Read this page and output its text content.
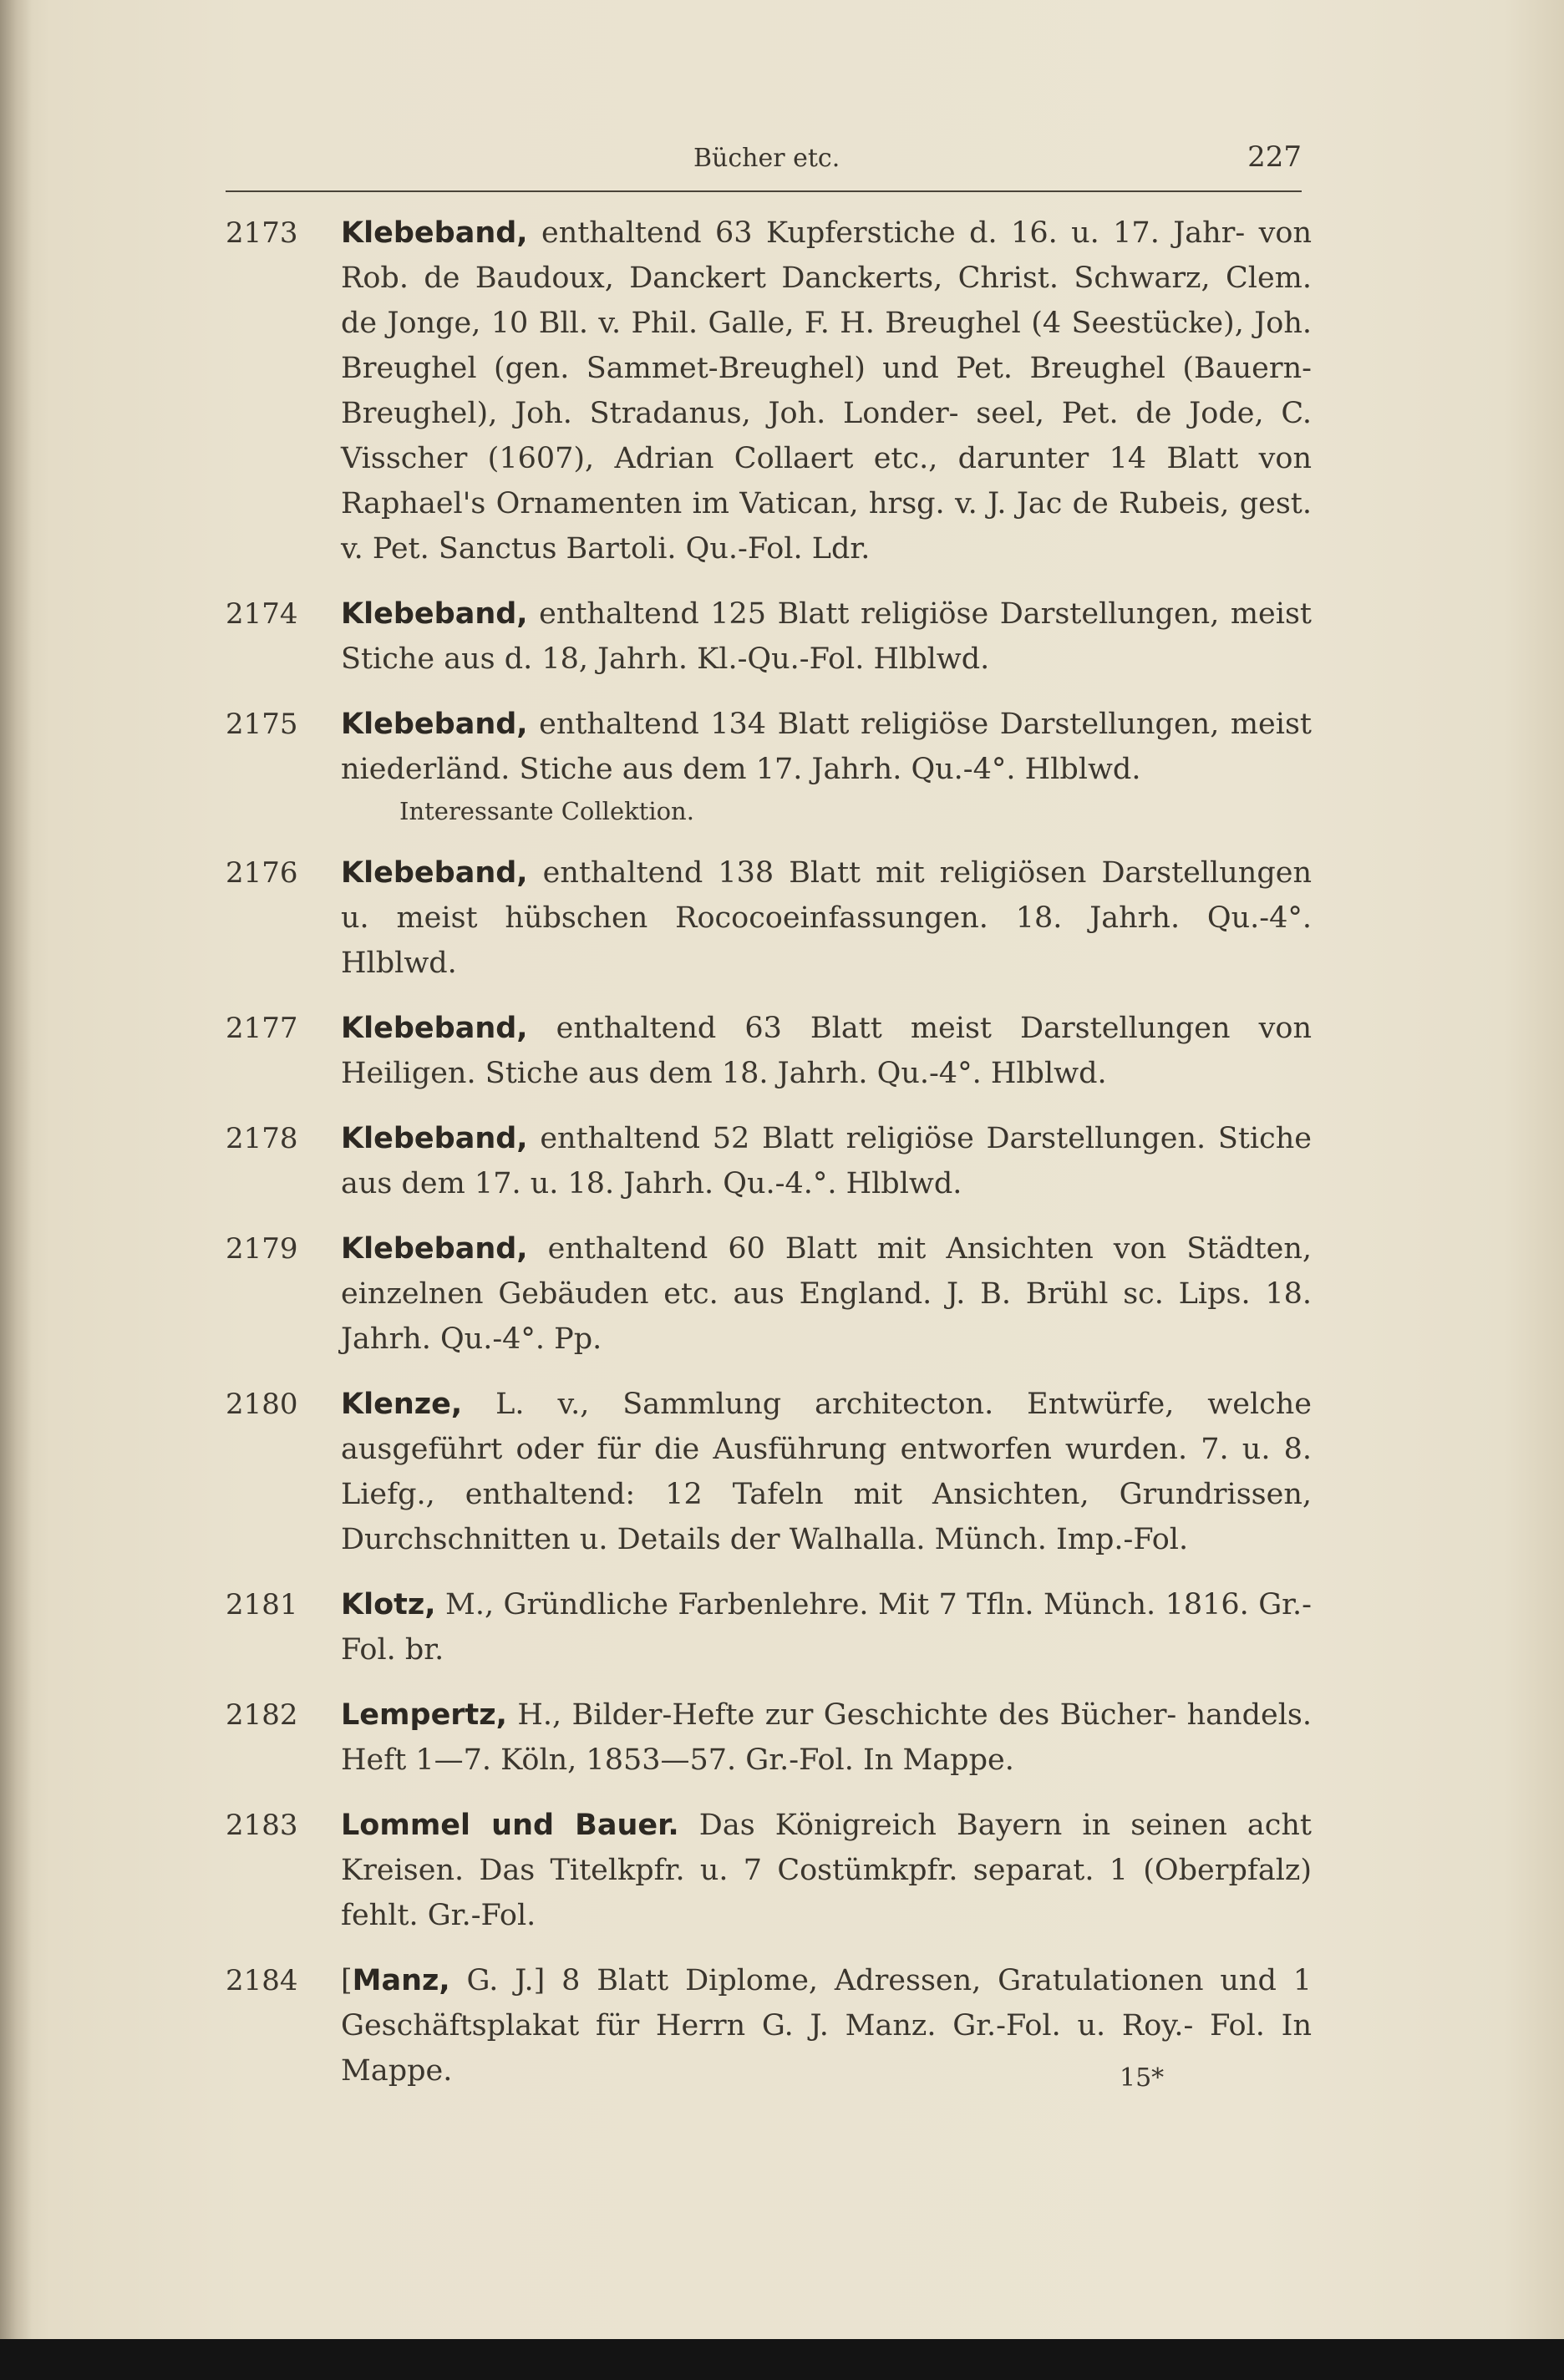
Bücher etc.	227
2173 Klebeband, enthaltend 63 Kupferstiche d. 16. u. 17. Jahr- von Rob. de Baudoux, Danckert Danckerts, Christ. Schwarz, Clem. de Jonge, 10 Bll. v. Phil. Galle, F. H. Breughel (4 Seestücke), Joh. Breughel (gen. Sammet-Breughel) und Pet. Breughel (Bauern-Breughel), Joh. Stradanus, Joh. Londer- seel, Pet. de Jode, C. Visscher (1607), Adrian Collaert etc., darunter 14 Blatt von Raphael's Ornamenten im Vatican, hrsg. v. J. Jac de Rubeis, gest. v. Pet. Sanctus Bartoli. Qu.-Fol. Ldr.
2174 Klebeband, enthaltend 125 Blatt religiöse Darstellungen, meist Stiche aus d. 18, Jahrh. Kl.-Qu.-Fol. Hlblwd.
2175 Klebeband, enthaltend 134 Blatt religiöse Darstellungen, meist niederländ. Stiche aus dem 17. Jahrh. Qu.-4°. Hlblwd.
Interessante Collektion.
2176 Klebeband, enthaltend 138 Blatt mit religiösen Darstellungen u. meist hübschen Rococoeinfassungen. 18. Jahrh. Qu.-4°. Hlblwd.
2177 Klebeband, enthaltend 63 Blatt meist Darstellungen von Heiligen. Stiche aus dem 18. Jahrh. Qu.-4°. Hlblwd.
2178 Klebeband, enthaltend 52 Blatt religiöse Darstellungen. Stiche aus dem 17. u. 18. Jahrh. Qu.-4.°. Hlblwd.
2179 Klebeband, enthaltend 60 Blatt mit Ansichten von Städten, einzelnen Gebäuden etc. aus England. J. B. Brühl sc. Lips. 18. Jahrh. Qu.-4°. Pp.
2180 Klenze, L. v., Sammlung architecton. Entwürfe, welche ausgeführt oder für die Ausführung entworfen wurden. 7. u. 8. Liefg., enthaltend: 12 Tafeln mit Ansichten, Grundrissen, Durchschnitten u. Details der Walhalla. Münch. Imp.-Fol.
2181 Klotz, M., Gründliche Farbenlehre. Mit 7 Tfln. Münch. 1816. Gr.-Fol. br.
2182 Lempertz, H., Bilder-Hefte zur Geschichte des Bücher- handels. Heft 1—7. Köln, 1853—57. Gr.-Fol. In Mappe.
2183 Lommel und Bauer. Das Königreich Bayern in seinen acht Kreisen. Das Titelkpfr. u. 7 Costümkpfr. separat. 1 (Oberpfalz) fehlt. Gr.-Fol.
2184 [Manz, G. J.] 8 Blatt Diplome, Adressen, Gratulationen und 1 Geschäftsplakat für Herrn G. J. Manz. Gr.-Fol. u. Roy.- Fol. In Mappe.	15*
